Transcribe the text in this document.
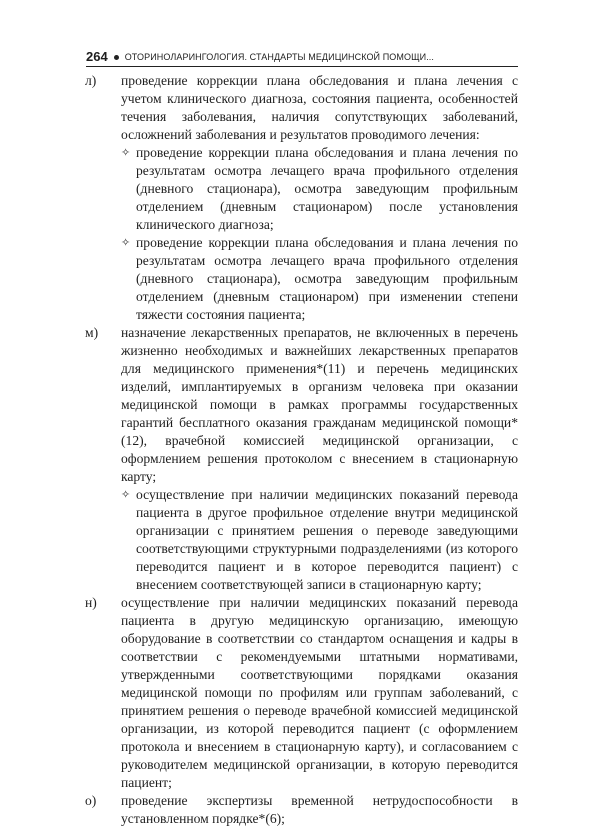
264 ОТОРИНОЛАРИНГОЛОГИЯ. СТАНДАРТЫ МЕДИЦИНСКОЙ ПОМОЩИ...
л) проведение коррекции плана обследования и плана лечения с учетом клинического диагноза, состояния пациента, особенностей течения заболевания, наличия сопутствующих заболеваний, осложнений заболевания и результатов проводимого лечения:
✧ проведение коррекции плана обследования и плана лечения по результатам осмотра лечащего врача профильного отделения (дневного стационара), осмотра заведующим профильным отделением (дневным стационаром) после установления клинического диагноза;
✧ проведение коррекции плана обследования и плана лечения по результатам осмотра лечащего врача профильного отделения (дневного стационара), осмотра заведующим профильным отделением (дневным стационаром) при изменении степени тяжести состояния пациента;
м) назначение лекарственных препаратов, не включенных в перечень жизненно необходимых и важнейших лекарственных препаратов для медицинского применения*(11) и перечень медицинских изделий, имплантируемых в организм человека при оказании медицинской помощи в рамках программы государственных гарантий бесплатного оказания гражданам медицинской помощи*(12), врачебной комиссией медицинской организации, с оформлением решения протоколом с внесением в стационарную карту;
✧ осуществление при наличии медицинских показаний перевода пациента в другое профильное отделение внутри медицинской организации с принятием решения о переводе заведующими соответствующими структурными подразделениями (из которого переводится пациент и в которое переводится пациент) с внесением соответствующей записи в стационарную карту;
н) осуществление при наличии медицинских показаний перевода пациента в другую медицинскую организацию, имеющую оборудование в соответствии со стандартом оснащения и кадры в соответствии с рекомендуемыми штатными нормативами, утвержденными соответствующими порядками оказания медицинской помощи по профилям или группам заболеваний, с принятием решения о переводе врачебной комиссией медицинской организации, из которой переводится пациент (с оформлением протокола и внесением в стационарную карту), и согласованием с руководителем медицинской организации, в которую переводится пациент;
о) проведение экспертизы временной нетрудоспособности в установленном порядке*(6);
